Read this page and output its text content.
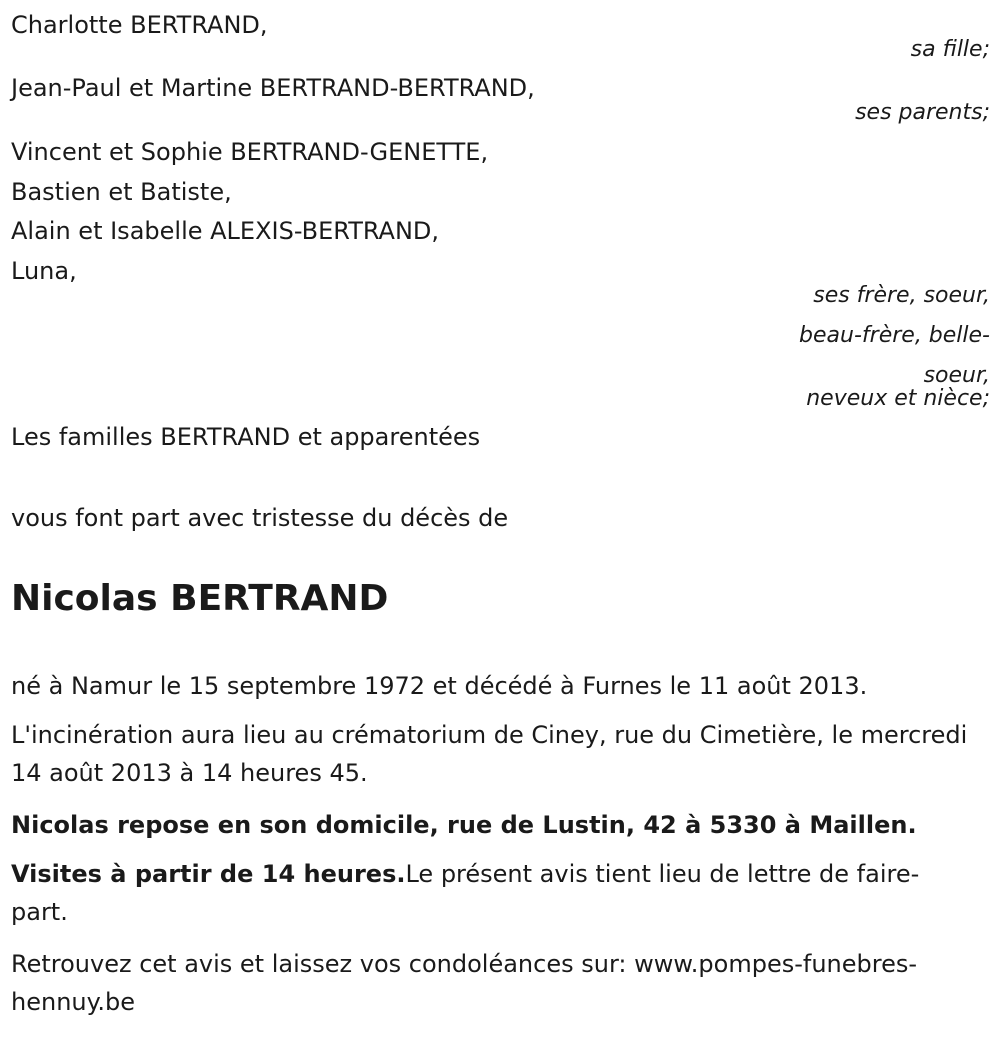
Charlotte BERTRAND,
sa fille;
Jean-Paul et Martine BERTRAND-BERTRAND,
ses parents;
Vincent et Sophie BERTRAND-GENETTE,
Bastien et Batiste,
Alain et Isabelle ALEXIS-BERTRAND,
Luna,
ses frère, soeur,
beau-frère, belle-
soeur,
neveux et nièce;
Les familles BERTRAND et apparentées
vous font part avec tristesse du décès de
Nicolas BERTRAND
né à Namur le 15 septembre 1972 et décédé à Furnes le 11 août 2013.
L'incinération aura lieu au crématorium de Ciney, rue du Cimetière, le mercredi 14 août 2013 à 14 heures 45.
Nicolas repose en son domicile, rue de Lustin, 42 à 5330 à Maillen.
Visites à partir de 14 heures.Le présent avis tient lieu de lettre de faire-part.
Retrouvez cet avis et laissez vos condoléances sur: www.pompes-funebres-hennuy.be
